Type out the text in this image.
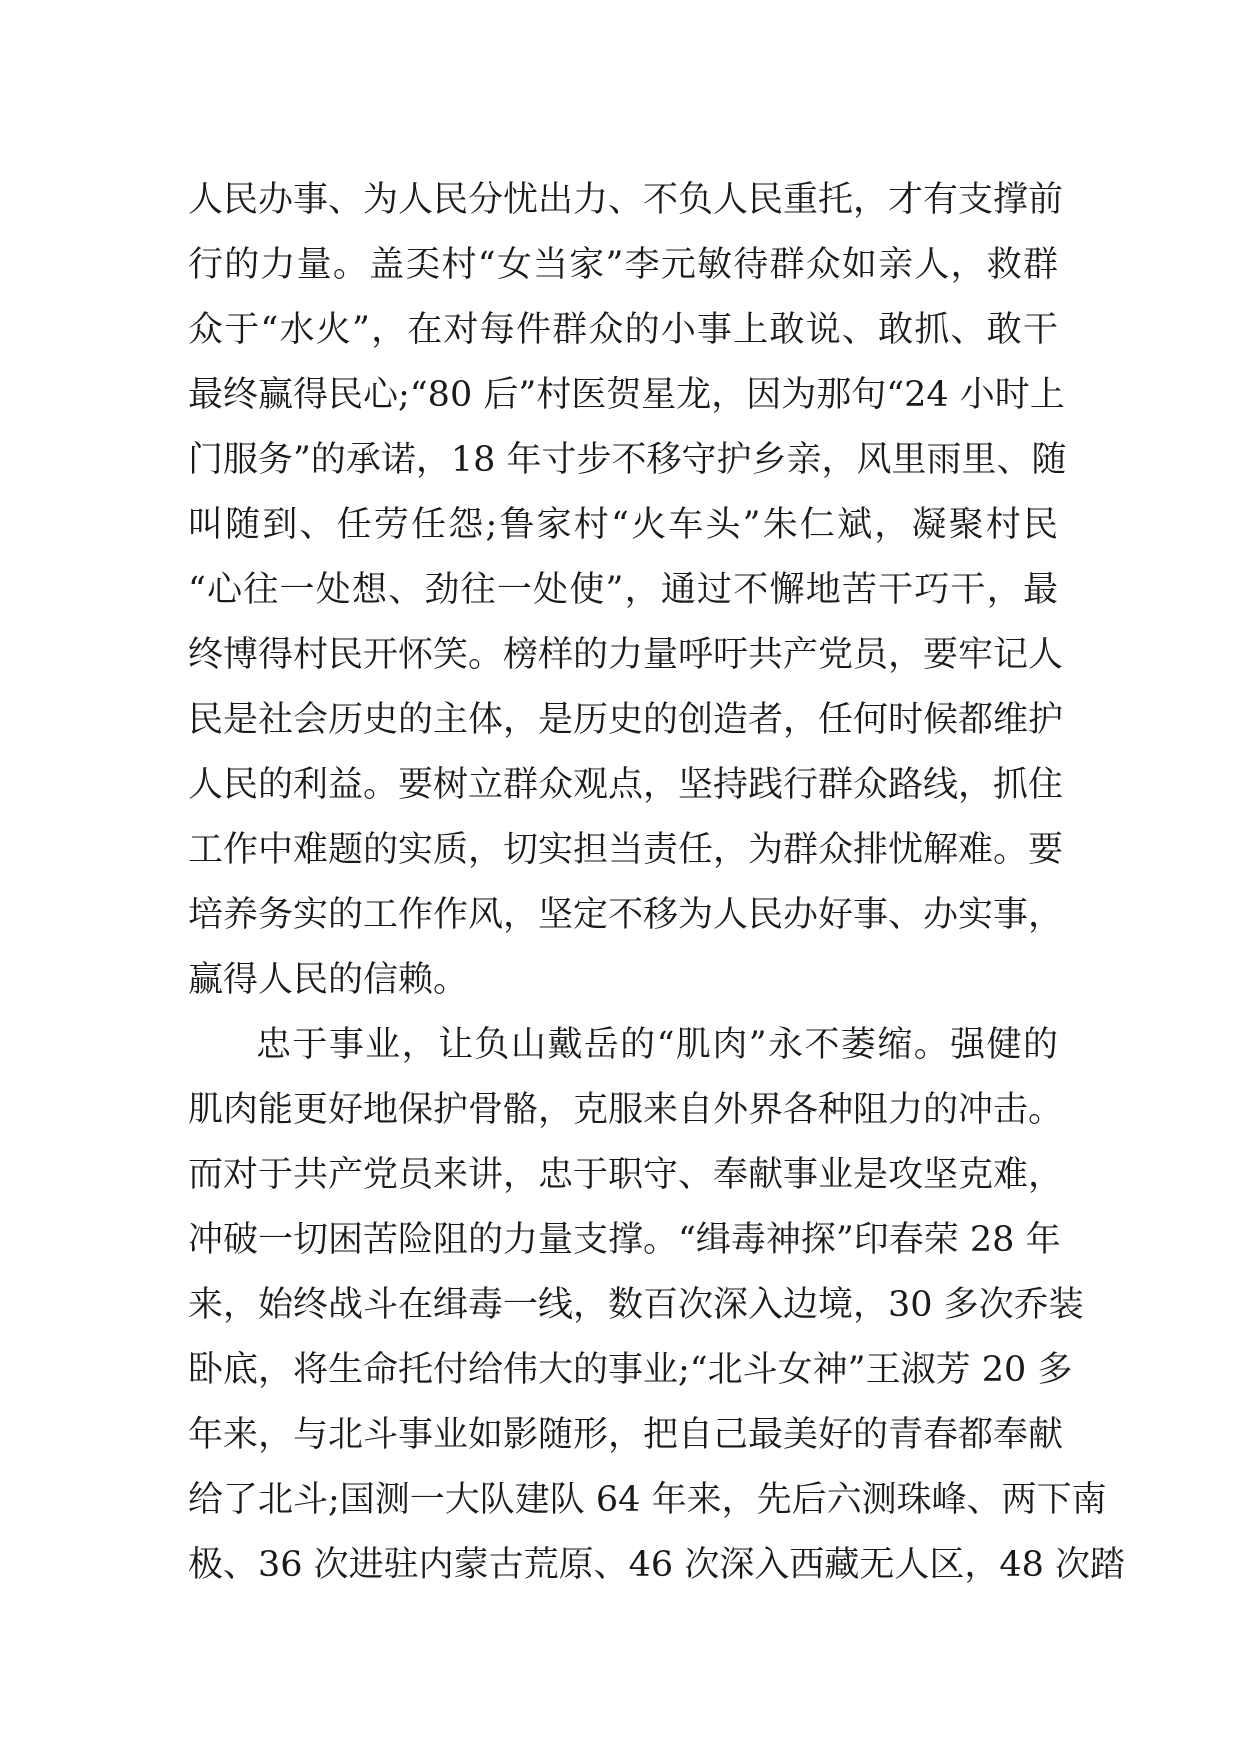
人民办事、为人民分忧出力、不负人民重托，才有支撑前
行的力量。盖奀村“女当家”李元敏待群众如亲人，救群
众于“水火”，在对每件群众的小事上敢说、敢抓、敢干
最终赢得民心;“80 后”村医贺星龙，因为那句“24 小时上
门服务”的承诺，18 年寸步不移守护乡亲，风里雨里、随
叫随到、任劳任怨;鲁家村“火车头”朱仁斌，凝聚村民
“心往一处想、劲往一处使”，通过不懈地苦干巧干，最
终博得村民开怀笑。榜样的力量呼吁共产党员，要牢记人
民是社会历史的主体，是历史的创造者，任何时候都维护
人民的利益。要树立群众观点，坚持践行群众路线，抓住
工作中难题的实质，切实担当责任，为群众排忧解难。要
培养务实的工作作风，坚定不移为人民办好事、办实事，
赢得人民的信赖。
忠于事业，让负山戴岳的“肌肉”永不萎缩。强健的
肌肉能更好地保护骨骼，克服来自外界各种阻力的冲击。
而对于共产党员来讲，忠于职守、奉献事业是攻坚克难，
冲破一切困苦险阻的力量支撑。“缉毒神探”印春荣 28 年
来，始终战斗在缉毒一线，数百次深入边境，30 多次乔装
卧底，将生命托付给伟大的事业;“北斗女神”王淑芳 20 多
年来，与北斗事业如影随形，把自己最美好的青春都奉献
给了北斗;国测一大队建队 64 年来，先后六测珠峰、两下南
极、36 次进驻内蒙古荒原、46 次深入西藏无人区，48 次踏
